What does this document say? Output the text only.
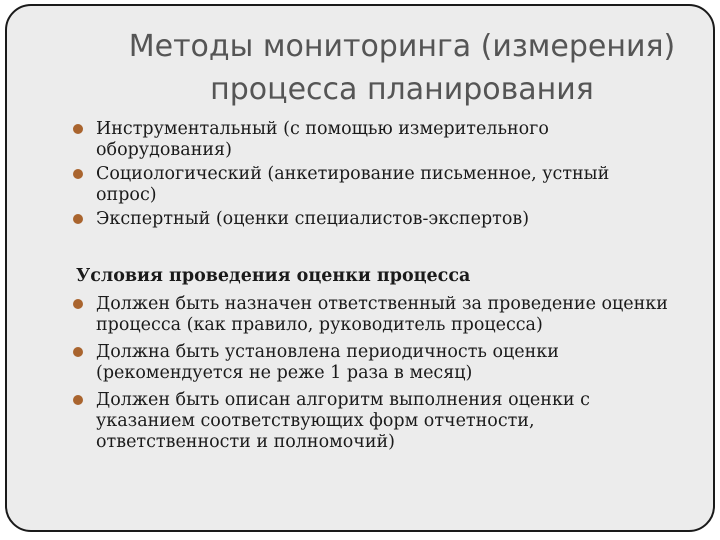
Методы мониторинга (измерения)
процесса планирования
Инструментальный (с помощью измерительного оборудования)
Социологический (анкетирование письменное, устный опрос)
Экспертный (оценки специалистов-экспертов)

Условия проведения оценки процесса

Должен быть назначен ответственный за проведение оценки процесса (как правило, руководитель процесса)
Должна быть установлена периодичность оценки (рекомендуется не реже 1 раза в месяц)
Должен быть описан алгоритм выполнения оценки с указанием соответствующих форм отчетности, ответственности и полномочий)
